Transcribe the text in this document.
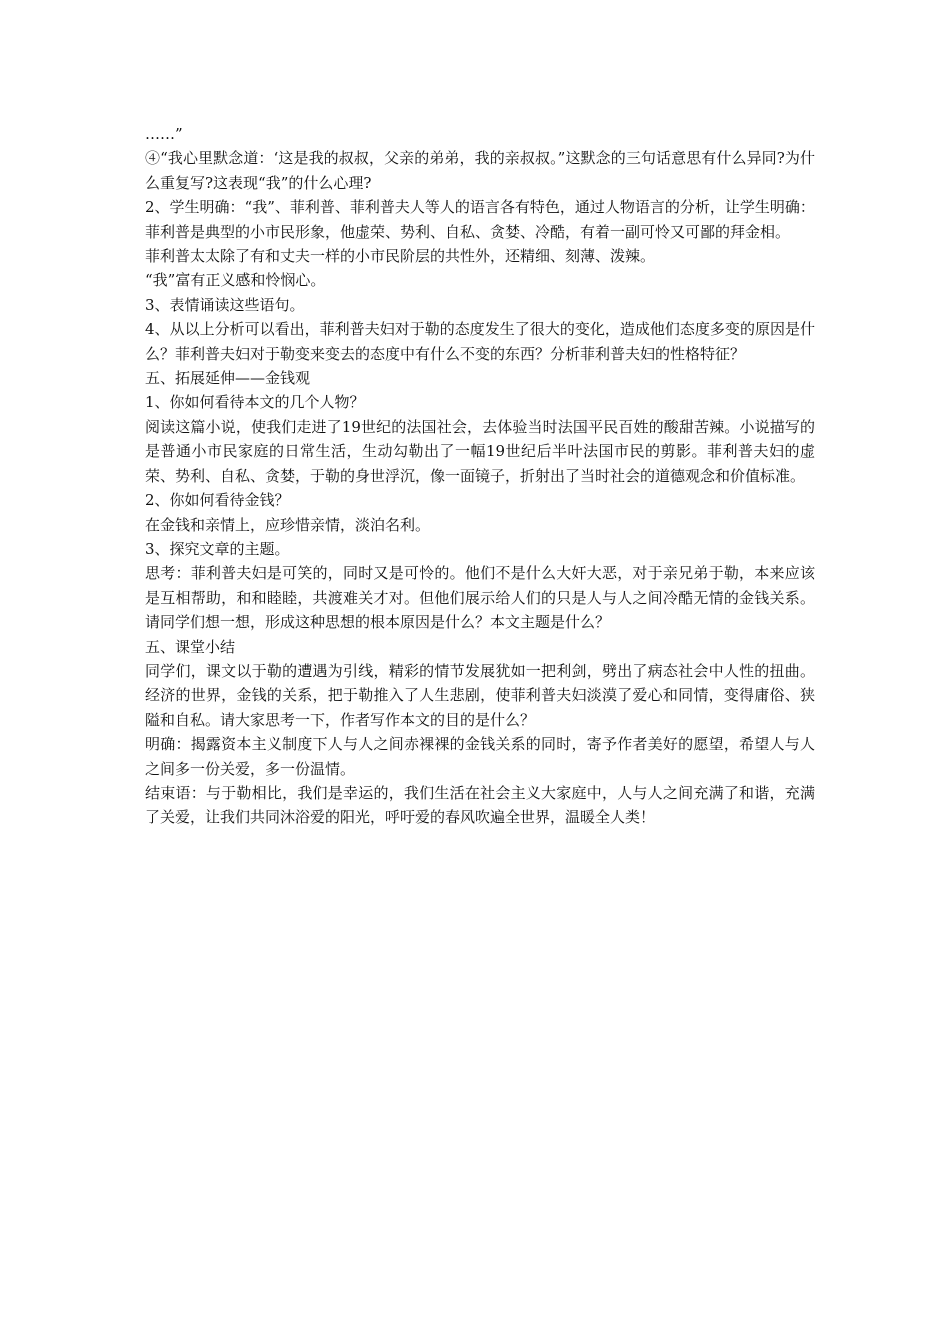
……”

④“我心里默念道：‘这是我的叔叔，父亲的弟弟，我的亲叔叔。”这默念的三句话意思有什么异同?为什么重复写?这表现“我”的什么心理?

2、学生明确：“我”、菲利普、菲利普夫人等人的语言各有特色，通过人物语言的分析，让学生明确：

菲利普是典型的小市民形象，他虚荣、势利、自私、贪婪、冷酷，有着一副可怜又可鄙的拜金相。

菲利普太太除了有和丈夫一样的小市民阶层的共性外，还精细、刻薄、泼辣。

“我”富有正义感和怜悯心。

3、表情诵读这些语句。

4、从以上分析可以看出，菲利普夫妇对于勒的态度发生了很大的变化，造成他们态度多变的原因是什么？菲利普夫妇对于勒变来变去的态度中有什么不变的东西？分析菲利普夫妇的性格特征？

五、拓展延伸——金钱观

1、你如何看待本文的几个人物？

阅读这篇小说，使我们走进了19世纪的法国社会，去体验当时法国平民百姓的酸甜苦辣。小说描写的是普通小市民家庭的日常生活，生动勾勒出了一幅19世纪后半叶法国市民的剪影。菲利普夫妇的虚荣、势利、自私、贪婪，于勒的身世浮沉，像一面镜子，折射出了当时社会的道德观念和价值标准。

2、你如何看待金钱？

在金钱和亲情上，应珍惜亲情，淡泊名利。

3、探究文章的主题。

思考：菲利普夫妇是可笑的，同时又是可怜的。他们不是什么大奸大恶，对于亲兄弟于勒，本来应该是互相帮助，和和睦睦，共渡难关才对。但他们展示给人们的只是人与人之间冷酷无情的金钱关系。请同学们想一想，形成这种思想的根本原因是什么？本文主题是什么？

五、课堂小结

同学们，课文以于勒的遭遇为引线，精彩的情节发展犹如一把利剑，劈出了病态社会中人性的扭曲。经济的世界，金钱的关系，把于勒推入了人生悲剧，使菲利普夫妇淡漠了爱心和同情，变得庸俗、狭隘和自私。请大家思考一下，作者写作本文的目的是什么？

明确：揭露资本主义制度下人与人之间赤裸裸的金钱关系的同时，寄予作者美好的愿望，希望人与人之间多一份关爱，多一份温情。

结束语：与于勒相比，我们是幸运的，我们生活在社会主义大家庭中，人与人之间充满了和谐，充满了关爱，让我们共同沐浴爱的阳光，呼吁爱的春风吹遍全世界，温暖全人类！
